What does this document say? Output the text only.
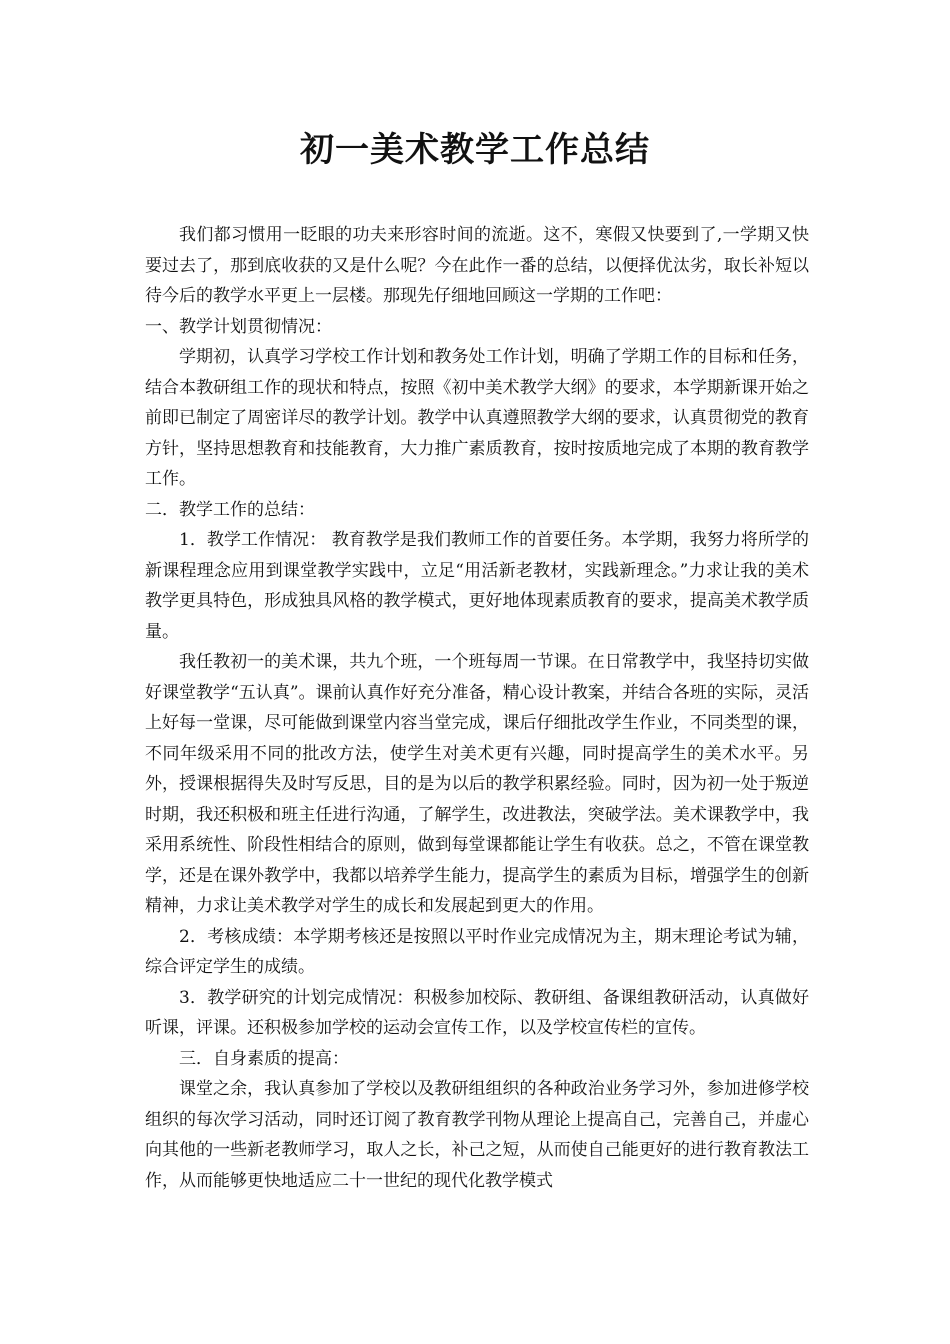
初一美术教学工作总结

我们都习惯用一眨眼的功夫来形容时间的流逝。这不，寒假又快要到了,一学期又快要过去了，那到底收获的又是什么呢？今在此作一番的总结，以便择优汰劣，取长补短以待今后的教学水平更上一层楼。那现先仔细地回顾这一学期的工作吧：

一、教学计划贯彻情况：

学期初，认真学习学校工作计划和教务处工作计划，明确了学期工作的目标和任务，结合本教研组工作的现状和特点，按照《初中美术教学大纲》的要求，本学期新课开始之前即已制定了周密详尽的教学计划。教学中认真遵照教学大纲的要求，认真贯彻党的教育方针，坚持思想教育和技能教育，大力推广素质教育，按时按质地完成了本期的教育教学工作。

二．教学工作的总结：

1．教学工作情况： 教育教学是我们教师工作的首要任务。本学期，我努力将所学的新课程理念应用到课堂教学实践中，立足“用活新老教材，实践新理念。”力求让我的美术教学更具特色，形成独具风格的教学模式，更好地体现素质教育的要求，提高美术教学质量。

我任教初一的美术课，共九个班，一个班每周一节课。在日常教学中，我坚持切实做好课堂教学“五认真”。课前认真作好充分准备，精心设计教案，并结合各班的实际，灵活上好每一堂课，尽可能做到课堂内容当堂完成，课后仔细批改学生作业，不同类型的课，不同年级采用不同的批改方法，使学生对美术更有兴趣，同时提高学生的美术水平。另外，授课根据得失及时写反思，目的是为以后的教学积累经验。同时，因为初一处于叛逆时期，我还积极和班主任进行沟通，了解学生，改进教法，突破学法。美术课教学中，我采用系统性、阶段性相结合的原则，做到每堂课都能让学生有收获。总之，不管在课堂教学，还是在课外教学中，我都以培养学生能力，提高学生的素质为目标，增强学生的创新精神，力求让美术教学对学生的成长和发展起到更大的作用。

2．考核成绩：本学期考核还是按照以平时作业完成情况为主，期末理论考试为辅，综合评定学生的成绩。

3．教学研究的计划完成情况：积极参加校际、教研组、备课组教研活动，认真做好听课，评课。还积极参加学校的运动会宣传工作，以及学校宣传栏的宣传。

三．自身素质的提高：

课堂之余，我认真参加了学校以及教研组组织的各种政治业务学习外，参加进修学校组织的每次学习活动，同时还订阅了教育教学刊物从理论上提高自己，完善自己，并虚心向其他的一些新老教师学习，取人之长，补己之短，从而使自己能更好的进行教育教法工作，从而能够更快地适应二十一世纪的现代化教学模式
